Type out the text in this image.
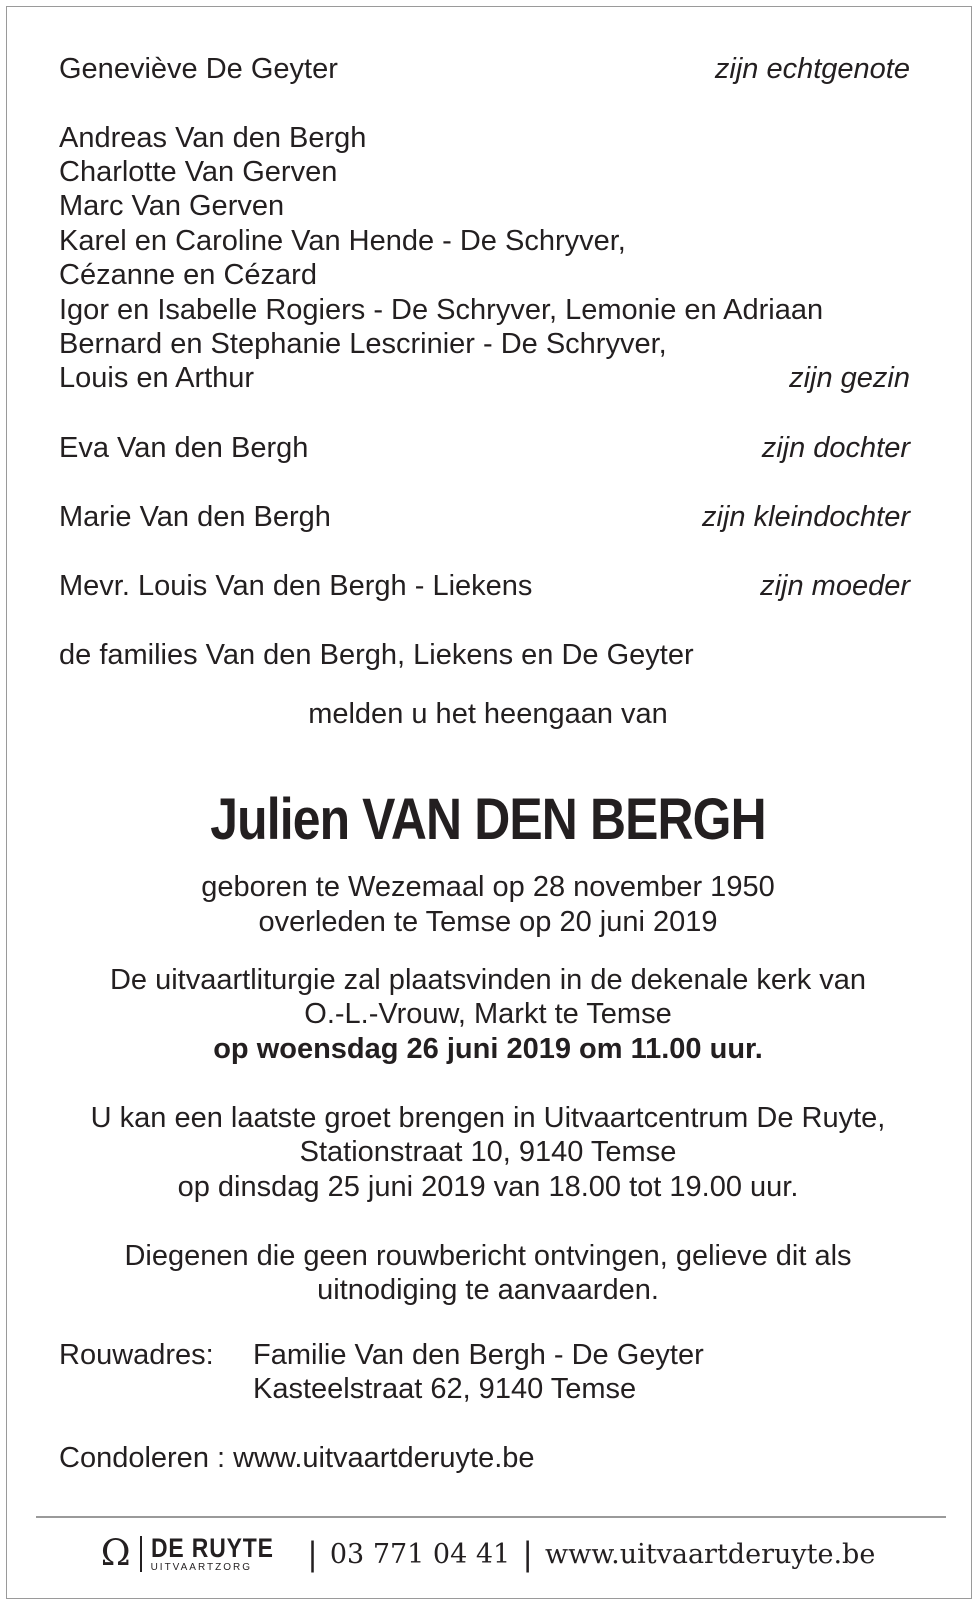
Geneviève De Geyter	zijn echtgenote
Andreas Van den Bergh
Charlotte Van Gerven
Marc Van Gerven
Karel en Caroline Van Hende - De Schryver,
Cézanne en Cézard
Igor en Isabelle Rogiers - De Schryver, Lemonie en Adriaan
Bernard en Stephanie Lescrinier - De Schryver,
Louis en Arthur	zijn gezin
Eva Van den Bergh	zijn dochter
Marie Van den Bergh	zijn kleindochter
Mevr. Louis Van den Bergh - Liekens	zijn moeder
de families Van den Bergh, Liekens en De Geyter
melden u het heengaan van
Julien VAN DEN BERGH
geboren te Wezemaal op 28 november 1950
overleden te Temse op 20 juni 2019
De uitvaartliturgie zal plaatsvinden in de dekenale kerk van
O.-L.-Vrouw, Markt te Temse
op woensdag 26 juni 2019 om 11.00 uur.
U kan een laatste groet brengen in Uitvaartcentrum De Ruyte,
Stationstraat 10, 9140 Temse
op dinsdag 25 juni 2019 van 18.00 tot 19.00 uur.
Diegenen die geen rouwbericht ontvingen, gelieve dit als
uitnodiging te aanvaarden.
Rouwadres: Familie Van den Bergh - De Geyter
Kasteelstraat 62, 9140 Temse
Condoleren : www.uitvaartderuyte.be
Ω DE RUYTE
UITVAARTZORG | 03 771 04 41 | www.uitvaartderuyte.be
